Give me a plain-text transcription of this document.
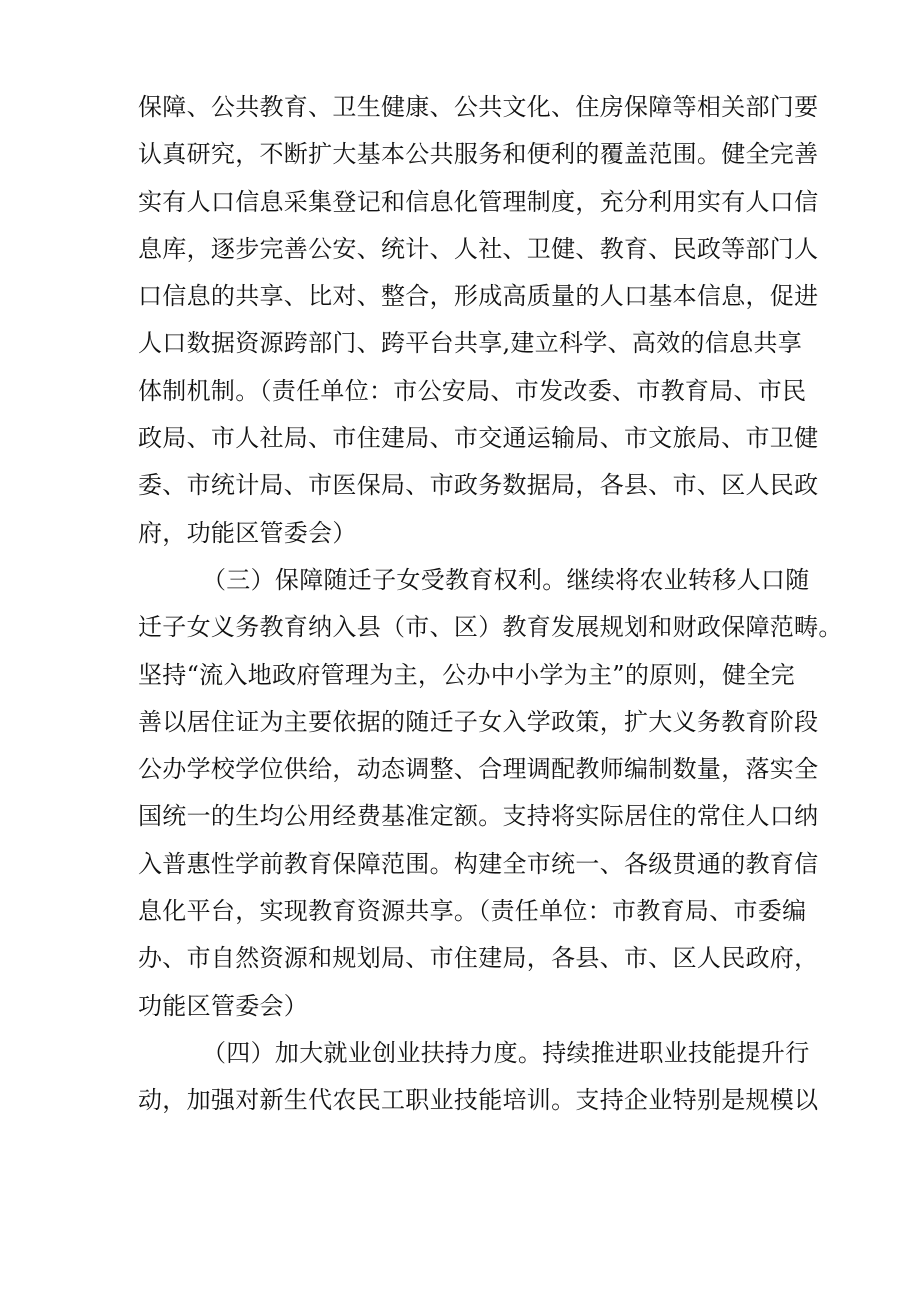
保障、公共教育、卫生健康、公共文化、住房保障等相关部门要
认真研究，不断扩大基本公共服务和便利的覆盖范围。健全完善
实有人口信息采集登记和信息化管理制度，充分利用实有人口信
息库，逐步完善公安、统计、人社、卫健、教育、民政等部门人
口信息的共享、比对、整合，形成高质量的人口基本信息，促进
人口数据资源跨部门、跨平台共享,建立科学、高效的信息共享
体制机制。（责任单位：市公安局、市发改委、市教育局、市民
政局、市人社局、市住建局、市交通运输局、市文旅局、市卫健
委、市统计局、市医保局、市政务数据局，各县、市、区人民政
府，功能区管委会）

（三）保障随迁子女受教育权利。继续将农业转移人口随
迁子女义务教育纳入县（市、区）教育发展规划和财政保障范畴。
坚持“流入地政府管理为主，公办中小学为主”的原则，健全完
善以居住证为主要依据的随迁子女入学政策，扩大义务教育阶段
公办学校学位供给，动态调整、合理调配教师编制数量，落实全
国统一的生均公用经费基准定额。支持将实际居住的常住人口纳
入普惠性学前教育保障范围。构建全市统一、各级贯通的教育信
息化平台，实现教育资源共享。（责任单位：市教育局、市委编
办、市自然资源和规划局、市住建局，各县、市、区人民政府，
功能区管委会）

（四）加大就业创业扶持力度。持续推进职业技能提升行
动，加强对新生代农民工职业技能培训。支持企业特别是规模以
